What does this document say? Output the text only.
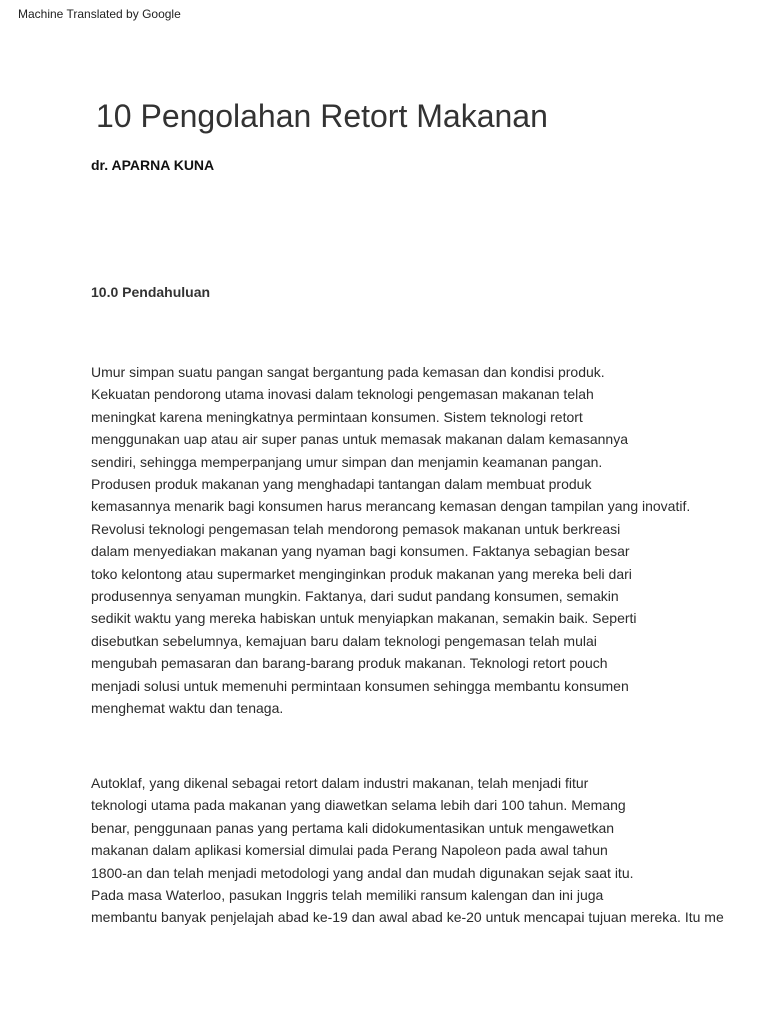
Machine Translated by Google
10 Pengolahan Retort Makanan
dr. APARNA KUNA
10.0 Pendahuluan

Umur simpan suatu pangan sangat bergantung pada kemasan dan kondisi produk.
Kekuatan pendorong utama inovasi dalam teknologi pengemasan makanan telah
meningkat karena meningkatnya permintaan konsumen. Sistem teknologi retort
menggunakan uap atau air super panas untuk memasak makanan dalam kemasannya
sendiri, sehingga memperpanjang umur simpan dan menjamin keamanan pangan.
Produsen produk makanan yang menghadapi tantangan dalam membuat produk
kemasannya menarik bagi konsumen harus merancang kemasan dengan tampilan yang inovatif.
Revolusi teknologi pengemasan telah mendorong pemasok makanan untuk berkreasi
dalam menyediakan makanan yang nyaman bagi konsumen. Faktanya sebagian besar
toko kelontong atau supermarket menginginkan produk makanan yang mereka beli dari
produsennya senyaman mungkin. Faktanya, dari sudut pandang konsumen, semakin
sedikit waktu yang mereka habiskan untuk menyiapkan makanan, semakin baik. Seperti
disebutkan sebelumnya, kemajuan baru dalam teknologi pengemasan telah mulai
mengubah pemasaran dan barang-barang produk makanan. Teknologi retort pouch
menjadi solusi untuk memenuhi permintaan konsumen sehingga membantu konsumen
menghemat waktu dan tenaga.

Autoklaf, yang dikenal sebagai retort dalam industri makanan, telah menjadi fitur
teknologi utama pada makanan yang diawetkan selama lebih dari 100 tahun. Memang
benar, penggunaan panas yang pertama kali didokumentasikan untuk mengawetkan
makanan dalam aplikasi komersial dimulai pada Perang Napoleon pada awal tahun
1800-an dan telah menjadi metodologi yang andal dan mudah digunakan sejak saat itu.
Pada masa Waterloo, pasukan Inggris telah memiliki ransum kalengan dan ini juga
membantu banyak penjelajah abad ke-19 dan awal abad ke-20 untuk mencapai tujuan mereka. Itu me
